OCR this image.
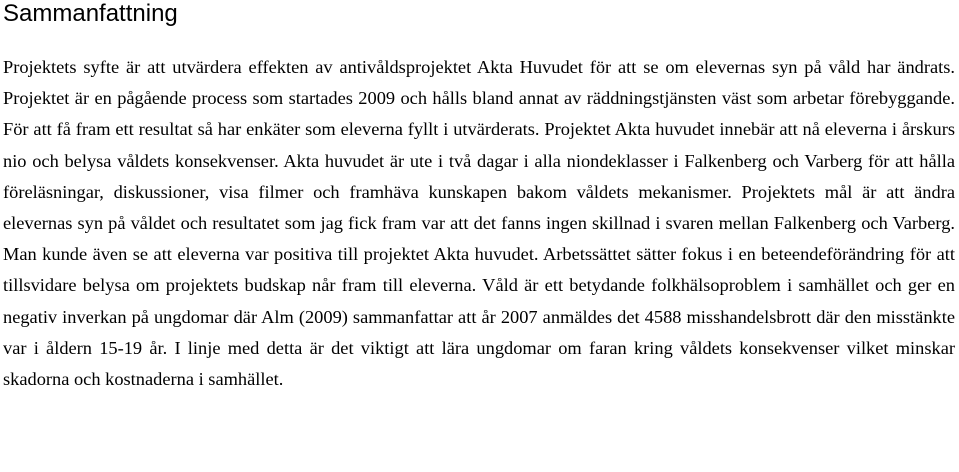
Sammanfattning

Projektets syfte är att utvärdera effekten av antivåldsprojektet Akta Huvudet för att se om elevernas syn på våld har ändrats. Projektet är en pågående process som startades 2009 och hålls bland annat av räddningstjänsten väst som arbetar förebyggande. För att få fram ett resultat så har enkäter som eleverna fyllt i utvärderats. Projektet Akta huvudet innebär att nå eleverna i årskurs nio och belysa våldets konsekvenser. Akta huvudet är ute i två dagar i alla niondeklasser i Falkenberg och Varberg för att hålla föreläsningar, diskussioner, visa filmer och framhäva kunskapen bakom våldets mekanismer. Projektets mål är att ändra elevernas syn på våldet och resultatet som jag fick fram var att det fanns ingen skillnad i svaren mellan Falkenberg och Varberg. Man kunde även se att eleverna var positiva till projektet Akta huvudet. Arbetssättet sätter fokus i en beteendeförändring för att tillsvidare belysa om projektets budskap når fram till eleverna. Våld är ett betydande folkhälsoproblem i samhället och ger en negativ inverkan på ungdomar där Alm (2009) sammanfattar att år 2007 anmäldes det 4588 misshandelsbrott där den misstänkte var i åldern 15-19 år. I linje med detta är det viktigt att lära ungdomar om faran kring våldets konsekvenser vilket minskar skadorna och kostnaderna i samhället.
